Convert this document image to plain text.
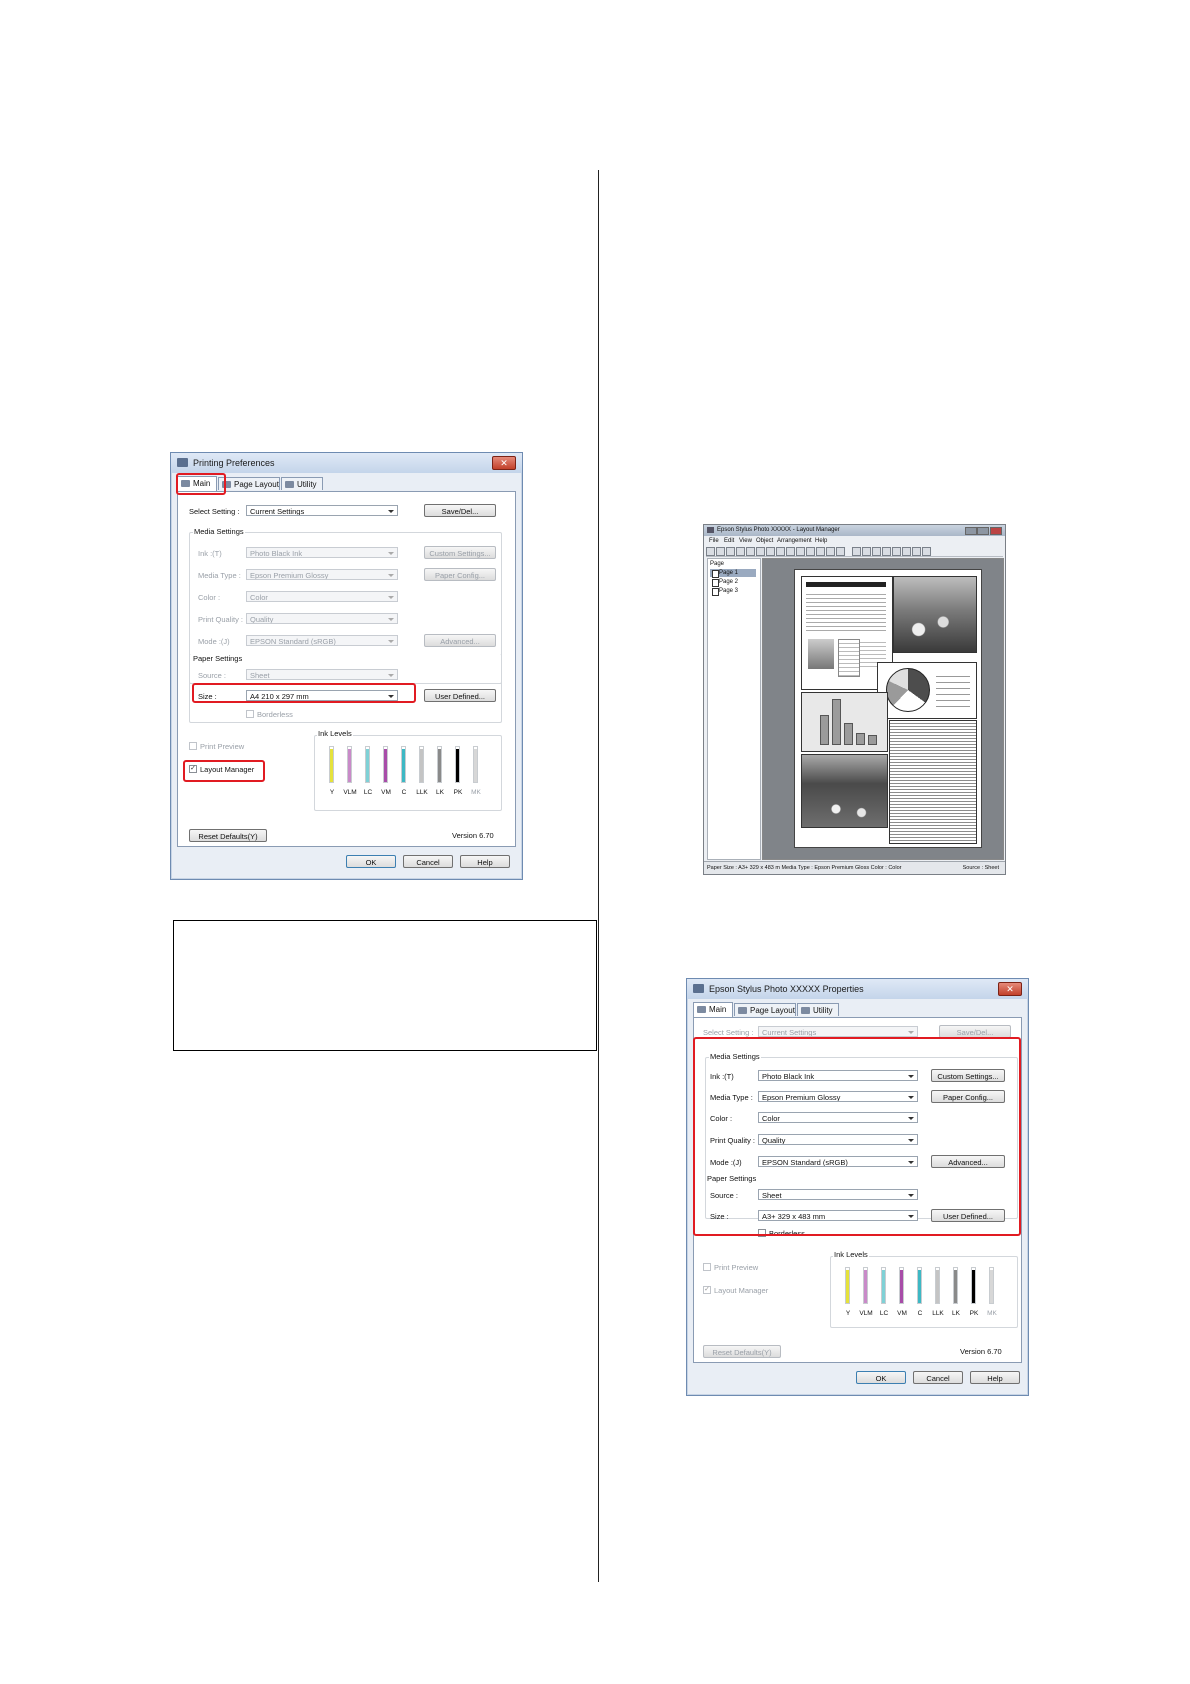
Printing Preferences	✕
Main	Page Layout	Utility
Select Setting :	Current Settings	Save/Del...
Media Settings
Ink :(T)	Photo Black Ink	Custom Settings...
Media Type :	Epson Premium Glossy	Paper Config...
Color :	Color
Print Quality : Quality
Mode :(J)	EPSON Standard (sRGB)	Advanced...
Paper Settings
Source :	Sheet
Size :	A4 210 x 297 mm	User Defined...
Borderless
Print Preview
✓ Layout Manager
Ink Levels
Y	VLM	LC	VM	C	LLK	LK	PK	MK
Reset Defaults(Y)	Version 6.70
OK	Cancel	Help
Epson Stylus Photo XXXXX - Layout Manager
File Edit View Object Arrangement Help
Page
Page 1
Page 2
Page 3
Paper Size : A3+ 329 x 483 m Media Type : Epson Premium Gloss Color : Color	Source : Sheet
Epson Stylus Photo XXXXX Properties	✕
Main	Page Layout	Utility
Select Setting :	Current Settings	Save/Del...
Media Settings
Ink :(T)	Photo Black Ink	Custom Settings...
Media Type :	Epson Premium Glossy	Paper Config...
Color :	Color
Print Quality : Quality
Mode :(J)	EPSON Standard (sRGB)	Advanced...
Paper Settings
Source :	Sheet
Size :	A3+ 329 x 483 mm	User Defined...
Borderless
Print Preview
✓ Layout Manager
Ink Levels
Y	VLM	LC	VM	C	LLK	LK	PK	MK
Reset Defaults(Y)	Version 6.70
OK	Cancel	Help
